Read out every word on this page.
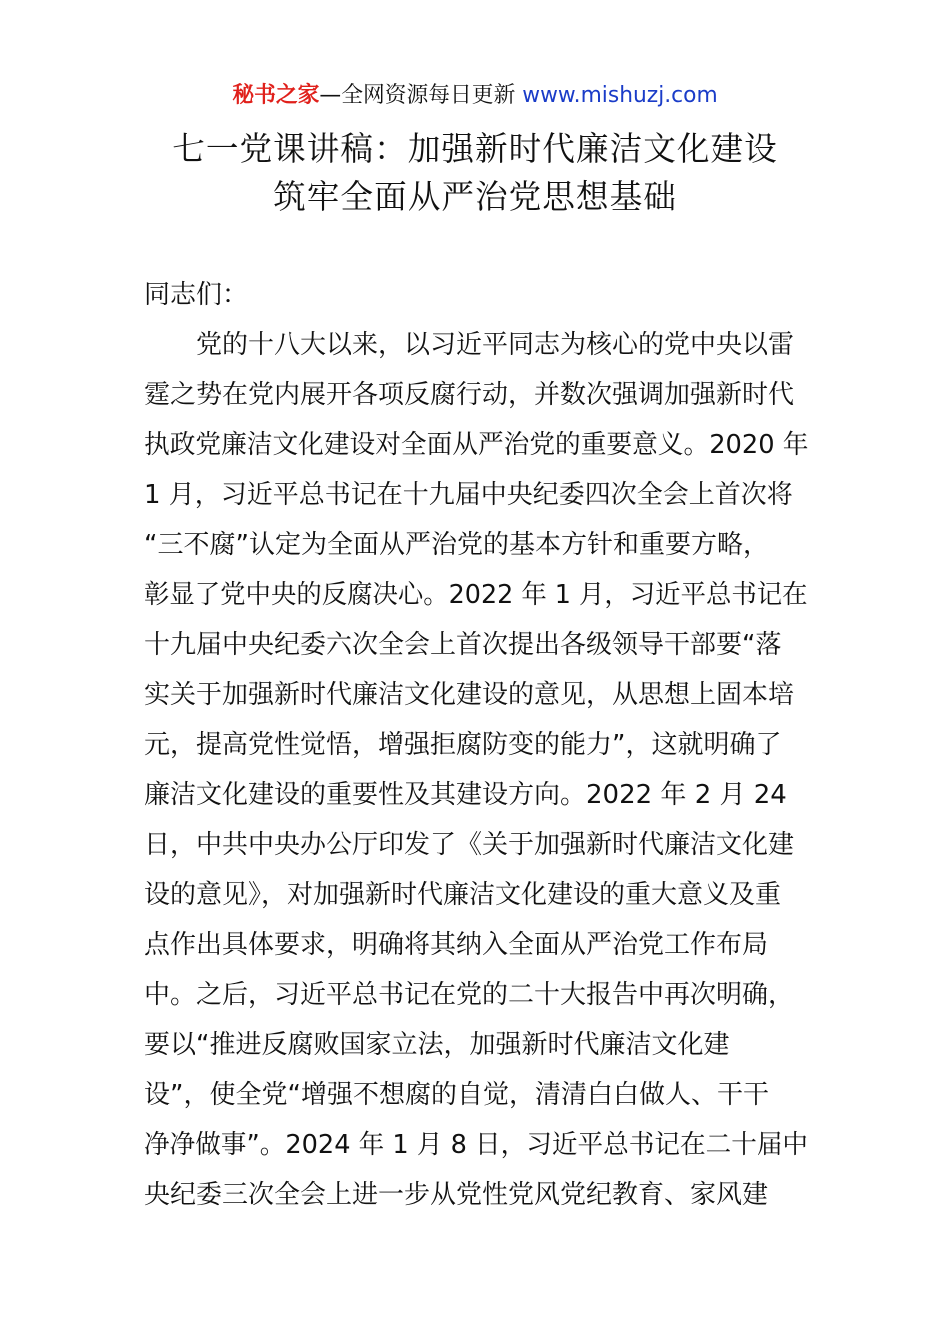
秘书之家—全网资源每日更新 www.mishuzj.com
七一党课讲稿：加强新时代廉洁文化建设
筑牢全面从严治党思想基础
同志们：
　　党的十八大以来，以习近平同志为核心的党中央以雷
霆之势在党内展开各项反腐行动，并数次强调加强新时代
执政党廉洁文化建设对全面从严治党的重要意义。2020 年
1 月，习近平总书记在十九届中央纪委四次全会上首次将
“三不腐”认定为全面从严治党的基本方针和重要方略，
彰显了党中央的反腐决心。2022 年 1 月，习近平总书记在
十九届中央纪委六次全会上首次提出各级领导干部要“落
实关于加强新时代廉洁文化建设的意见，从思想上固本培
元，提高党性觉悟，增强拒腐防变的能力”，这就明确了
廉洁文化建设的重要性及其建设方向。2022 年 2 月 24
日，中共中央办公厅印发了《关于加强新时代廉洁文化建
设的意见》，对加强新时代廉洁文化建设的重大意义及重
点作出具体要求，明确将其纳入全面从严治党工作布局
中。之后，习近平总书记在党的二十大报告中再次明确，
要以“推进反腐败国家立法，加强新时代廉洁文化建
设”，使全党“增强不想腐的自觉，清清白白做人、干干
净净做事”。2024 年 1 月 8 日，习近平总书记在二十届中
央纪委三次全会上进一步从党性党风党纪教育、家风建
